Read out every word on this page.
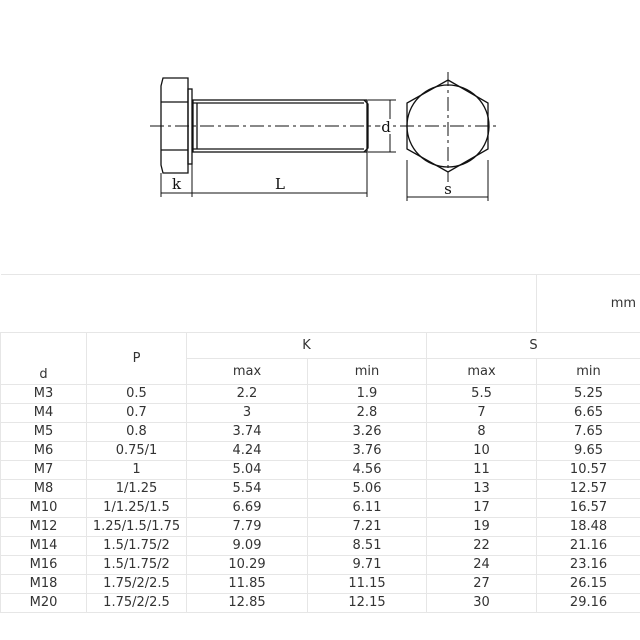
k	L
d
s
					mm
d	P	K		S	
		max	min	max	min
M3	0.5	2.2	1.9	5.5	5.25
M4	0.7	3	2.8	7	6.65
M5	0.8	3.74	3.26	8	7.65
M6	0.75/1	4.24	3.76	10	9.65
M7	1	5.04	4.56	11	10.57
M8	1/1.25	5.54	5.06	13	12.57
M10	1/1.25/1.5	6.69	6.11	17	16.57
M12	1.25/1.5/1.75	7.79	7.21	19	18.48
M14	1.5/1.75/2	9.09	8.51	22	21.16
M16	1.5/1.75/2	10.29	9.71	24	23.16
M18	1.75/2/2.5	11.85	11.15	27	26.15
M20	1.75/2/2.5	12.85	12.15	30	29.16
